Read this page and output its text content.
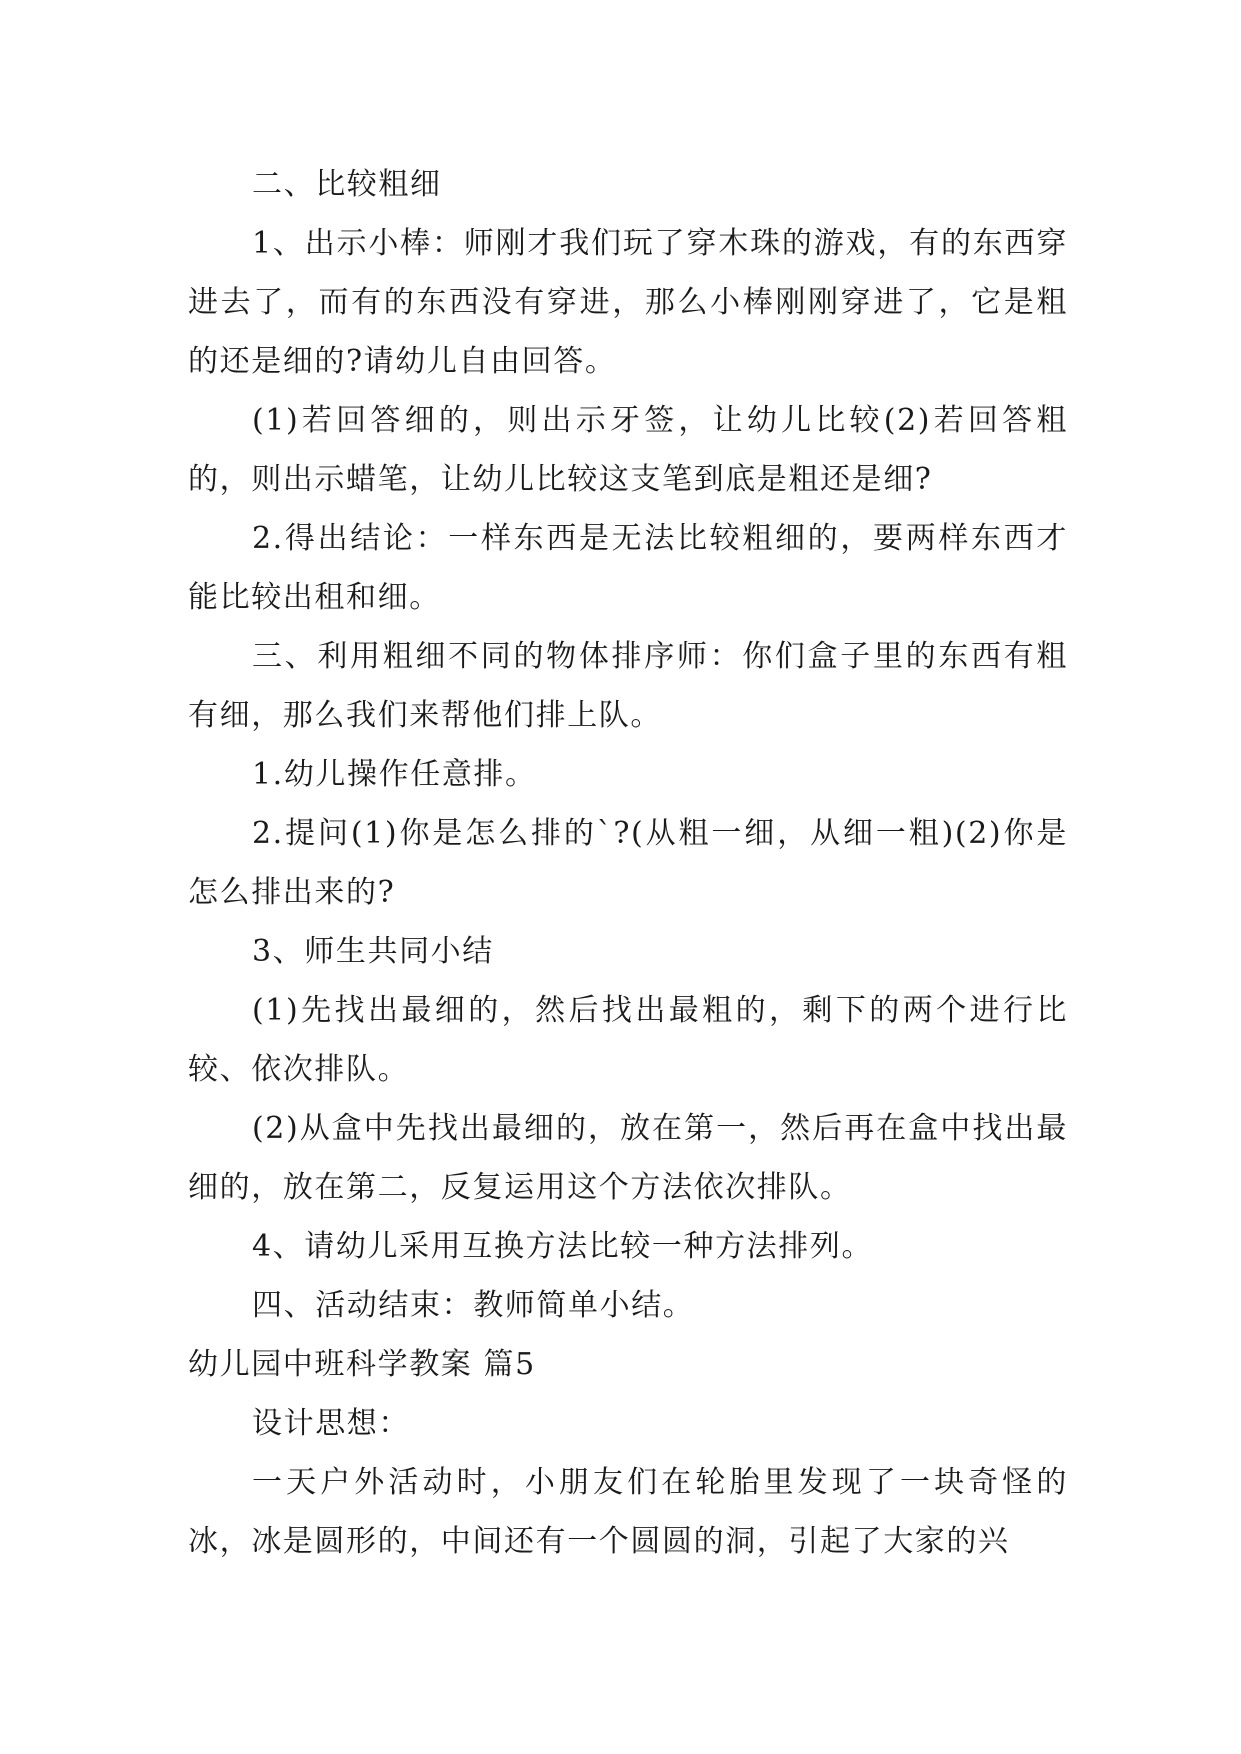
二、比较粗细

1、出示小棒：师刚才我们玩了穿木珠的游戏，有的东西穿进去了，而有的东西没有穿进，那么小棒刚刚穿进了，它是粗的还是细的?请幼儿自由回答。

(1)若回答细的，则出示牙签，让幼儿比较(2)若回答粗的，则出示蜡笔，让幼儿比较这支笔到底是粗还是细?

2.得出结论：一样东西是无法比较粗细的，要两样东西才能比较出租和细。

三、利用粗细不同的物体排序师：你们盒子里的东西有粗有细，那么我们来帮他们排上队。

1.幼儿操作任意排。

2.提问(1)你是怎么排的`?(从粗一细，从细一粗)(2)你是怎么排出来的?

3、师生共同小结

(1)先找出最细的，然后找出最粗的，剩下的两个进行比较、依次排队。

(2)从盒中先找出最细的，放在第一，然后再在盒中找出最细的，放在第二，反复运用这个方法依次排队。

4、请幼儿采用互换方法比较一种方法排列。

四、活动结束：教师简单小结。

幼儿园中班科学教案 篇5

设计思想：

一天户外活动时，小朋友们在轮胎里发现了一块奇怪的冰，冰是圆形的，中间还有一个圆圆的洞，引起了大家的兴
